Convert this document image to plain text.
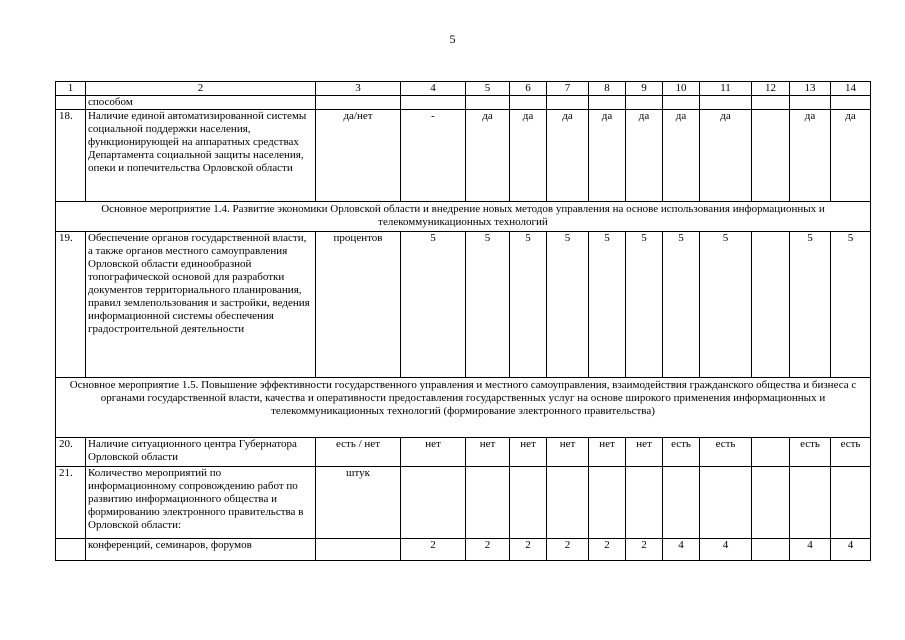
5
1	2	3	4	5	6	7	8	9	10	11	12	13	14
	способом												
18.	Наличие единой автоматизированной системы социальной поддержки населения, функционирующей на аппаратных средствах Департамента социальной защиты населения, опеки и попечительства Орловской области	да/нет	-	да	да	да	да	да	да	да		да	да
Основное мероприятие 1.4. Развитие экономики Орловской области и внедрение новых методов управления на основе использования информационных и телекоммуникационных технологий													
19.	Обеспечение органов государственной власти, а также органов местного самоуправления Орловской области единообразной топографической основой для разработки документов территориального планирования, правил землепользования и застройки, ведения информационной системы обеспечения градостроительной деятельности	процентов	5	5	5	5	5	5	5	5		5	5
Основное мероприятие 1.5. Повышение эффективности государственного управления и местного самоуправления, взаимодействия гражданского общества и бизнеса с органами государственной власти, качества и оперативности предоставления государственных услуг на основе широкого применения информационных и телекоммуникационных технологий (формирование электронного правительства)													
20.	Наличие ситуационного центра Губернатора Орловской области	есть / нет	нет	нет	нет	нет	нет	нет	есть	есть		есть	есть
21.	Количество мероприятий по информационному сопровождению работ по развитию информационного общества и формированию электронного правительства в Орловской области:	штук											
	конференций, семинаров, форумов		2	2	2	2	2	2	4	4		4	4
